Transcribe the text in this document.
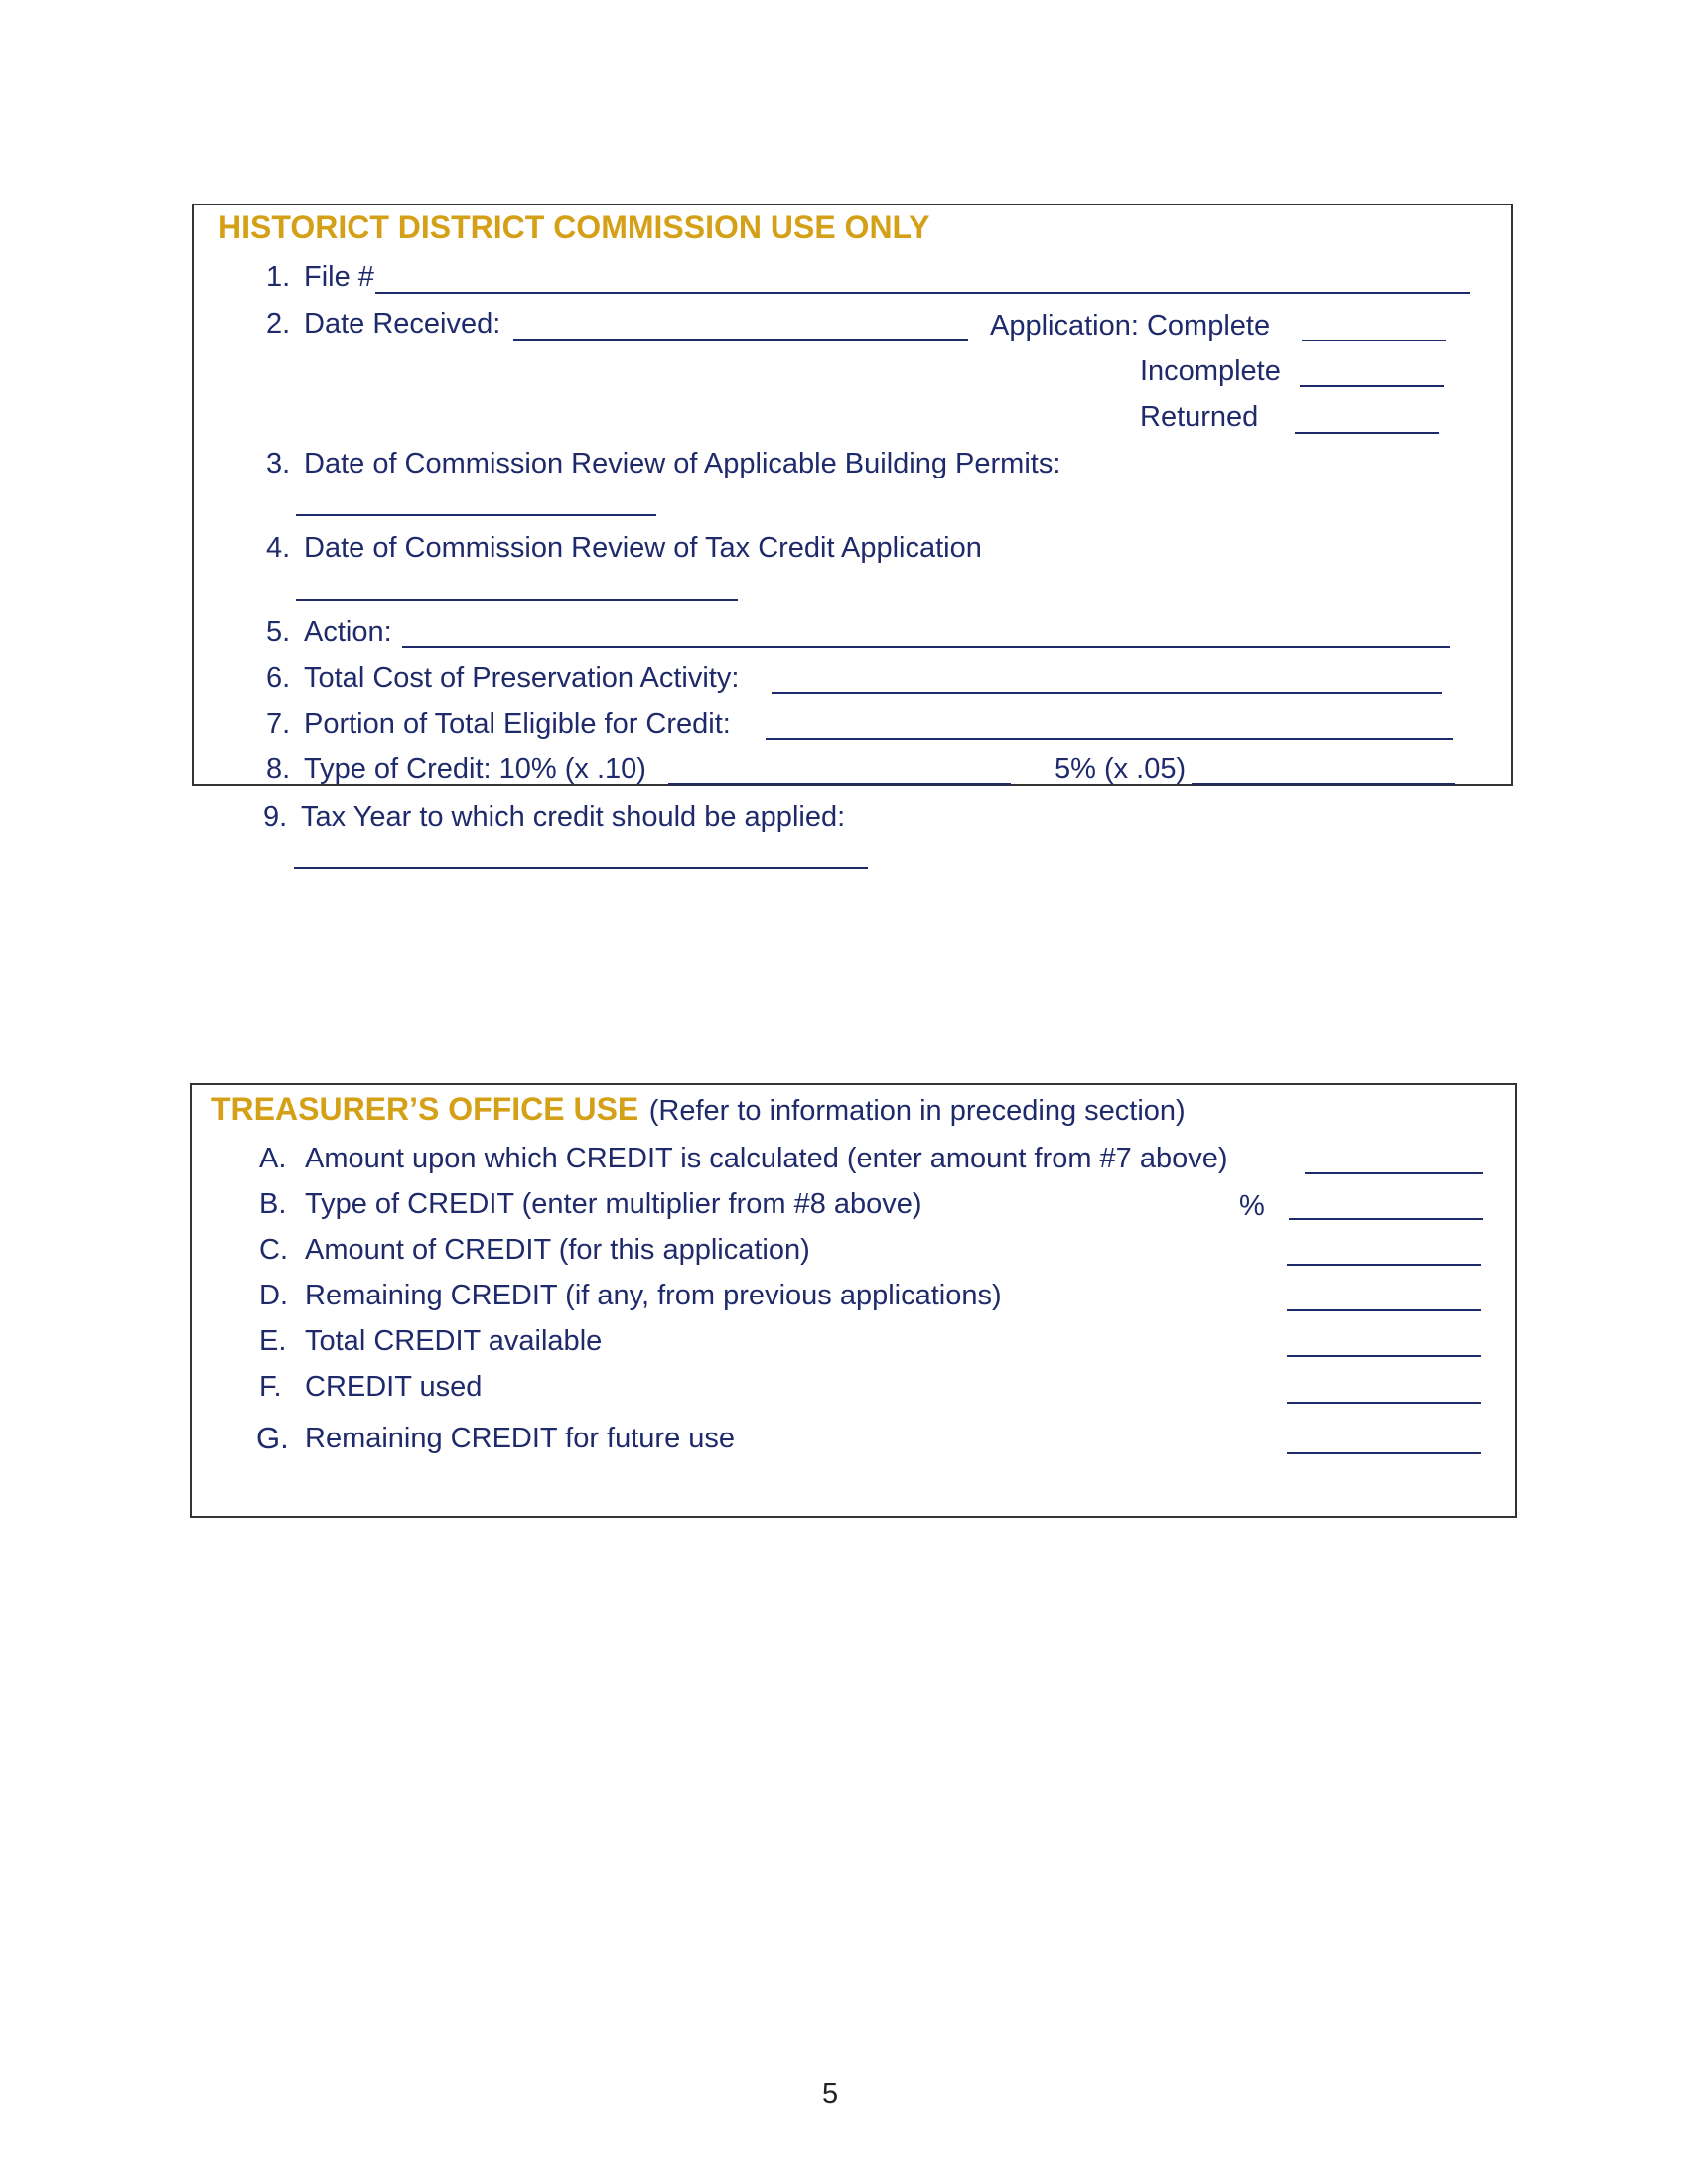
HISTORICT DISTRICT COMMISSION USE ONLY
1. File #
2. Date Received:	Application: Complete
Incomplete
Returned
3. Date of Commission Review of Applicable Building Permits:
4. Date of Commission Review of Tax Credit Application
5. Action:
6. Total Cost of Preservation Activity:
7. Portion of Total Eligible for Credit:
8. Type of Credit: 10% (x .10)	5% (x .05)
9. Tax Year to which credit should be applied:
TREASURER’S OFFICE USE (Refer to information in preceding section)
A. Amount upon which CREDIT is calculated (enter amount from #7 above)
B. Type of CREDIT (enter multiplier from #8 above)	%
C. Amount of CREDIT (for this application)
D. Remaining CREDIT (if any, from previous applications)
E. Total CREDIT available
F. CREDIT used
G. Remaining CREDIT for future use
5
